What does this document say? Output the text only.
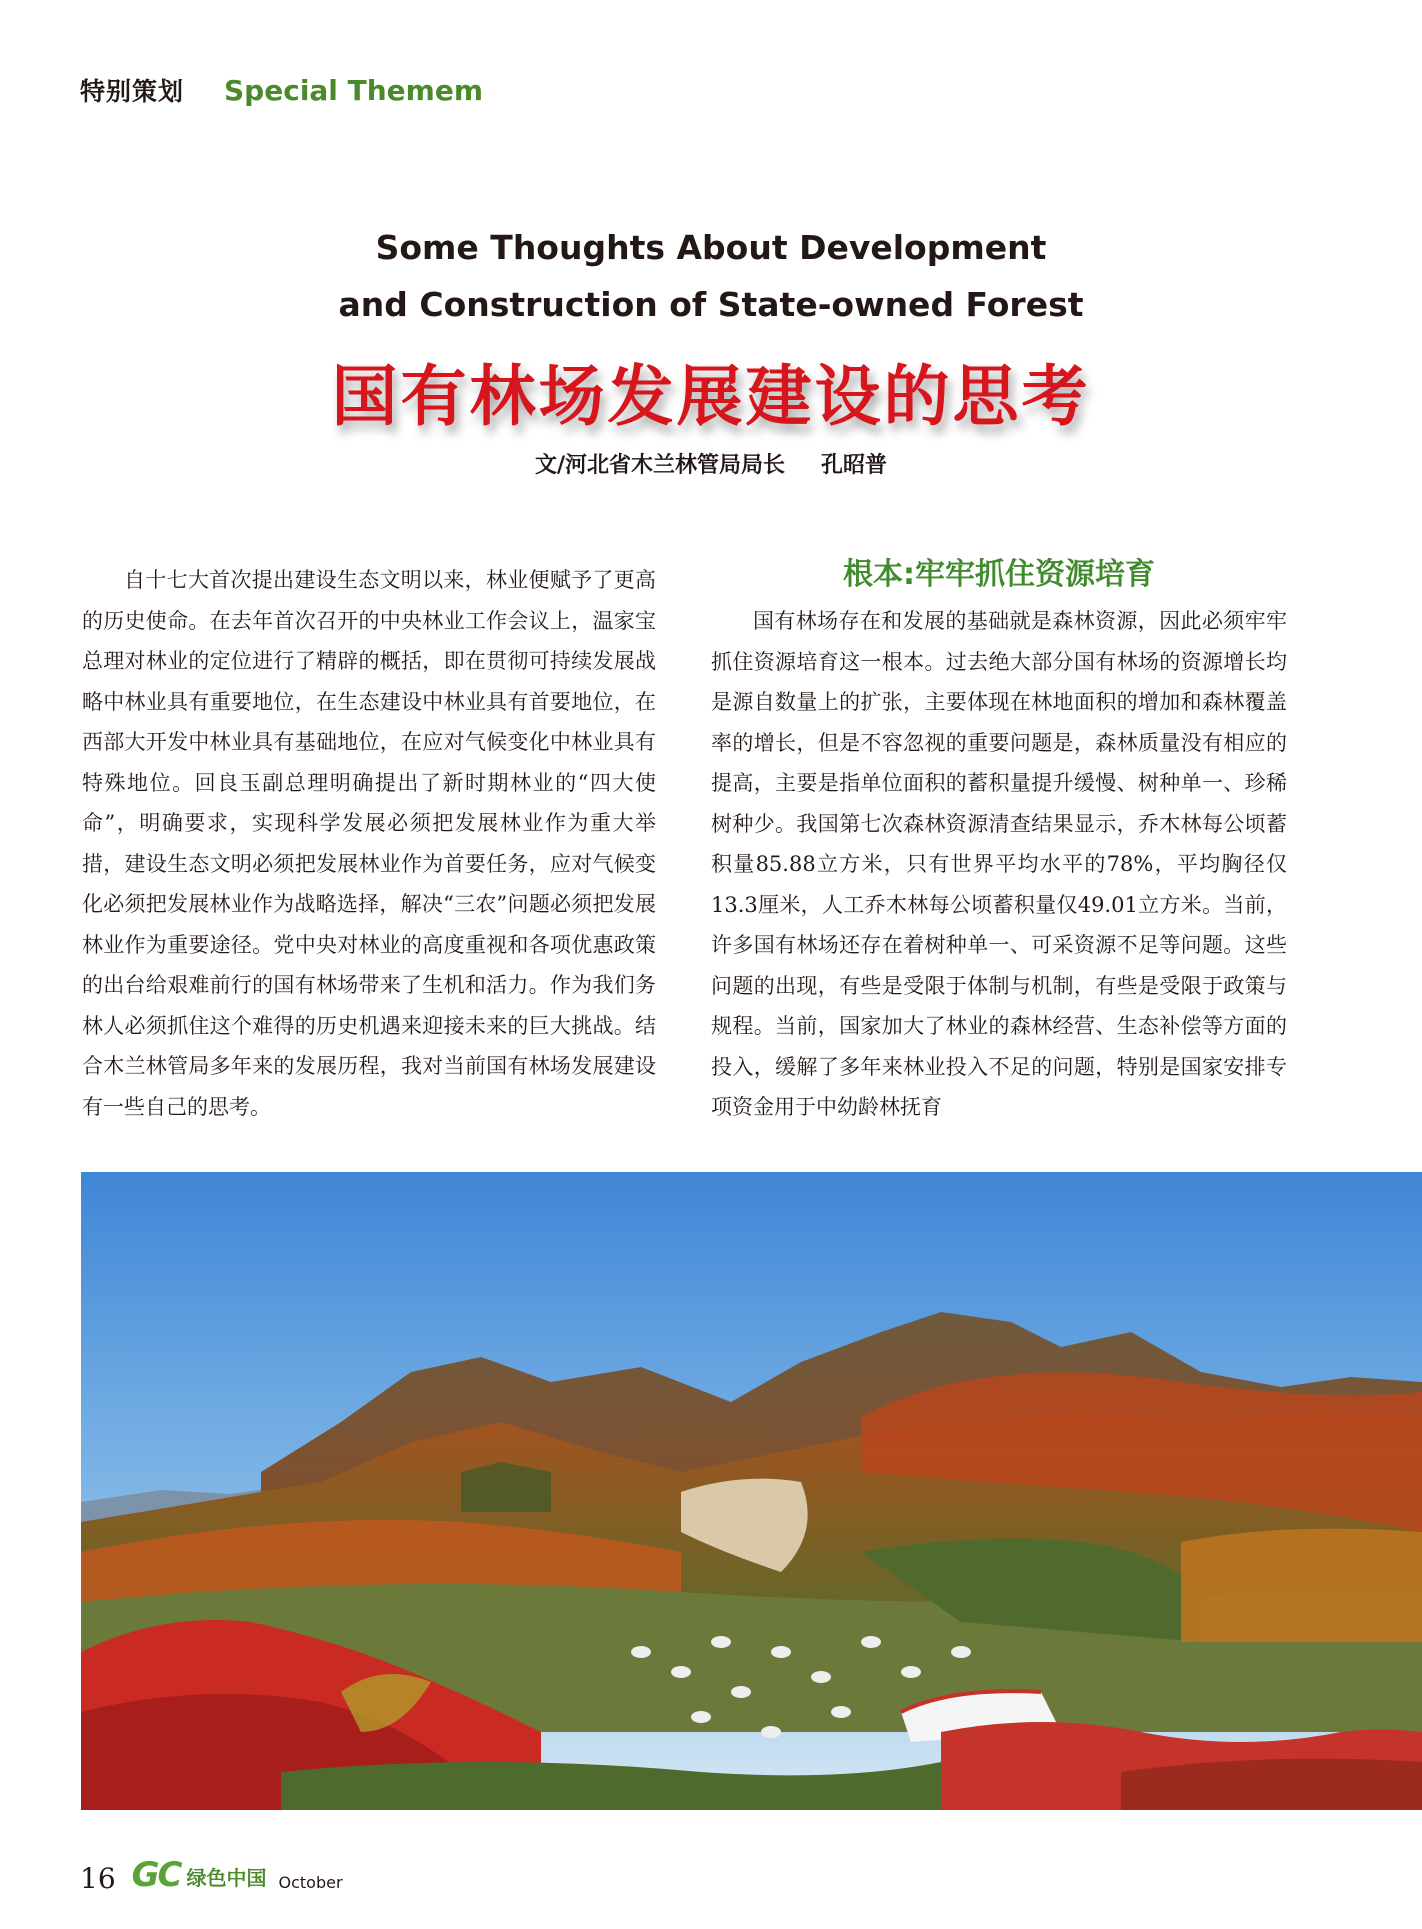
特别策划 Special Themem
Some Thoughts About Development
and Construction of State-owned Forest
国有林场发展建设的思考
文/河北省木兰林管局局长 孔昭普

自十七大首次提出建设生态文明以来，林业便赋予了更高的历史使命。在去年首次召开的中央林业工作会议上，温家宝总理对林业的定位进行了精辟的概括，即在贯彻可持续发展战略中林业具有重要地位，在生态建设中林业具有首要地位，在西部大开发中林业具有基础地位，在应对气候变化中林业具有特殊地位。回良玉副总理明确提出了新时期林业的“四大使命”，明确要求，实现科学发展必须把发展林业作为重大举措，建设生态文明必须把发展林业作为首要任务，应对气候变化必须把发展林业作为战略选择，解决“三农”问题必须把发展林业作为重要途径。党中央对林业的高度重视和各项优惠政策的出台给艰难前行的国有林场带来了生机和活力。作为我们务林人必须抓住这个难得的历史机遇来迎接未来的巨大挑战。结合木兰林管局多年来的发展历程，我对当前国有林场发展建设有一些自己的思考。

根本:牢牢抓住资源培育

国有林场存在和发展的基础就是森林资源，因此必须牢牢抓住资源培育这一根本。过去绝大部分国有林场的资源增长均是源自数量上的扩张，主要体现在林地面积的增加和森林覆盖率的增长，但是不容忽视的重要问题是，森林质量没有相应的提高，主要是指单位面积的蓄积量提升缓慢、树种单一、珍稀树种少。我国第七次森林资源清查结果显示，乔木林每公顷蓄积量85.88立方米，只有世界平均水平的78%，平均胸径仅13.3厘米，人工乔木林每公顷蓄积量仅49.01立方米。当前，许多国有林场还存在着树种单一、可采资源不足等问题。这些问题的出现，有些是受限于体制与机制，有些是受限于政策与规程。当前，国家加大了林业的森林经营、生态补偿等方面的投入，缓解了多年来林业投入不足的问题，特别是国家安排专项资金用于中幼龄林抚育

16 GC 绿色中国 October
